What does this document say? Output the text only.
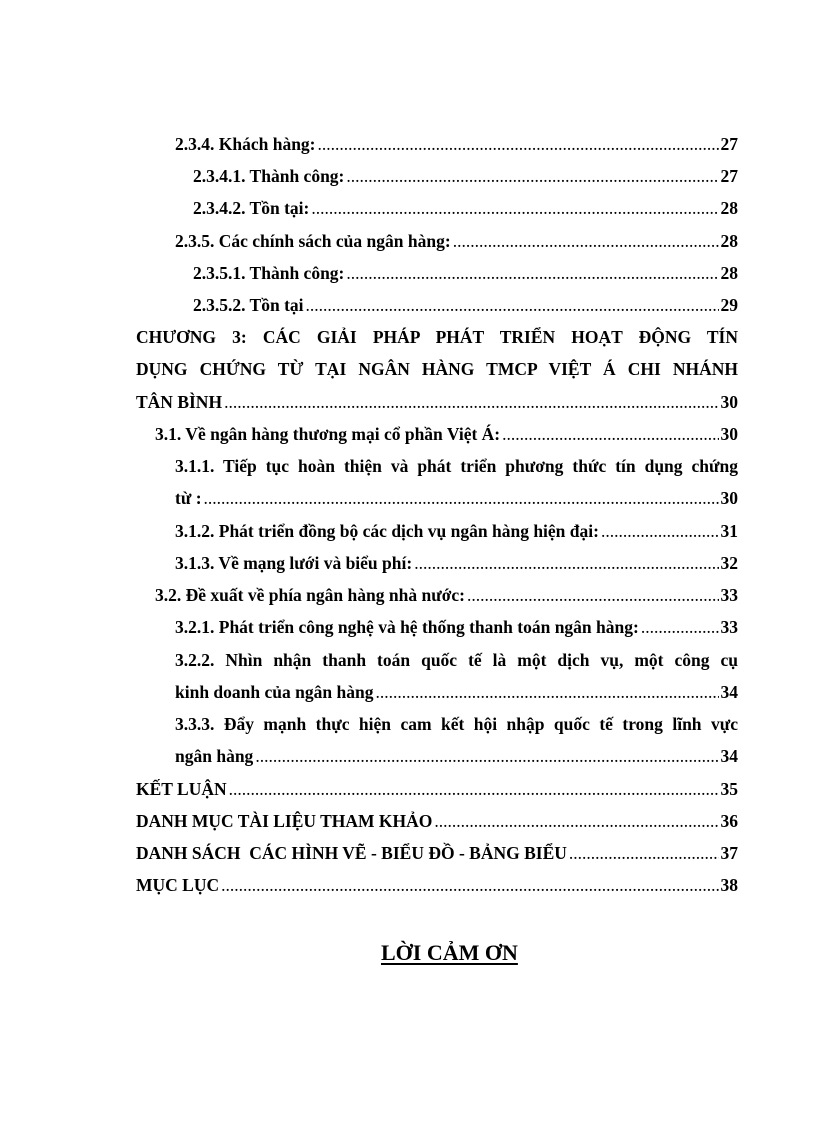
2.3.4. Khách hàng: .....	27
2.3.4.1. Thành công: .....	27
2.3.4.2. Tồn tại: .....	28
2.3.5. Các chính sách của ngân hàng: .....	28
2.3.5.1. Thành công: .....	28
2.3.5.2. Tồn tại .....	29
CHƯƠNG 3: CÁC GIẢI PHÁP PHÁT TRIỂN HOẠT ĐỘNG TÍN
DỤNG CHỨNG TỪ TẠI NGÂN HÀNG TMCP VIỆT Á CHI NHÁNH
TÂN BÌNH .....	30
3.1. Về ngân hàng thương mại cổ phần Việt Á: .....	30
3.1.1. Tiếp tục hoàn thiện và phát triển phương thức tín dụng chứng
từ : .....	30
3.1.2. Phát triển đồng bộ các dịch vụ ngân hàng hiện đại: .....	31
3.1.3. Về mạng lưới và biểu phí: .....	32
3.2. Đề xuất về phía ngân hàng nhà nước: .....	33
3.2.1. Phát triển công nghệ và hệ thống thanh toán ngân hàng: .....	33
3.2.2. Nhìn nhận thanh toán quốc tế là một dịch vụ, một công cụ
kinh doanh của ngân hàng .....	34
3.3.3. Đẩy mạnh thực hiện cam kết hội nhập quốc tế trong lĩnh vực
ngân hàng .....	34
KẾT LUẬN .....	35
DANH MỤC TÀI LIỆU THAM KHẢO .....	36
DANH SÁCH  CÁC HÌNH VẼ - BIỂU ĐỒ - BẢNG BIỂU .....	37
MỤC LỤC .....	38
LỜI CẢM ƠN
